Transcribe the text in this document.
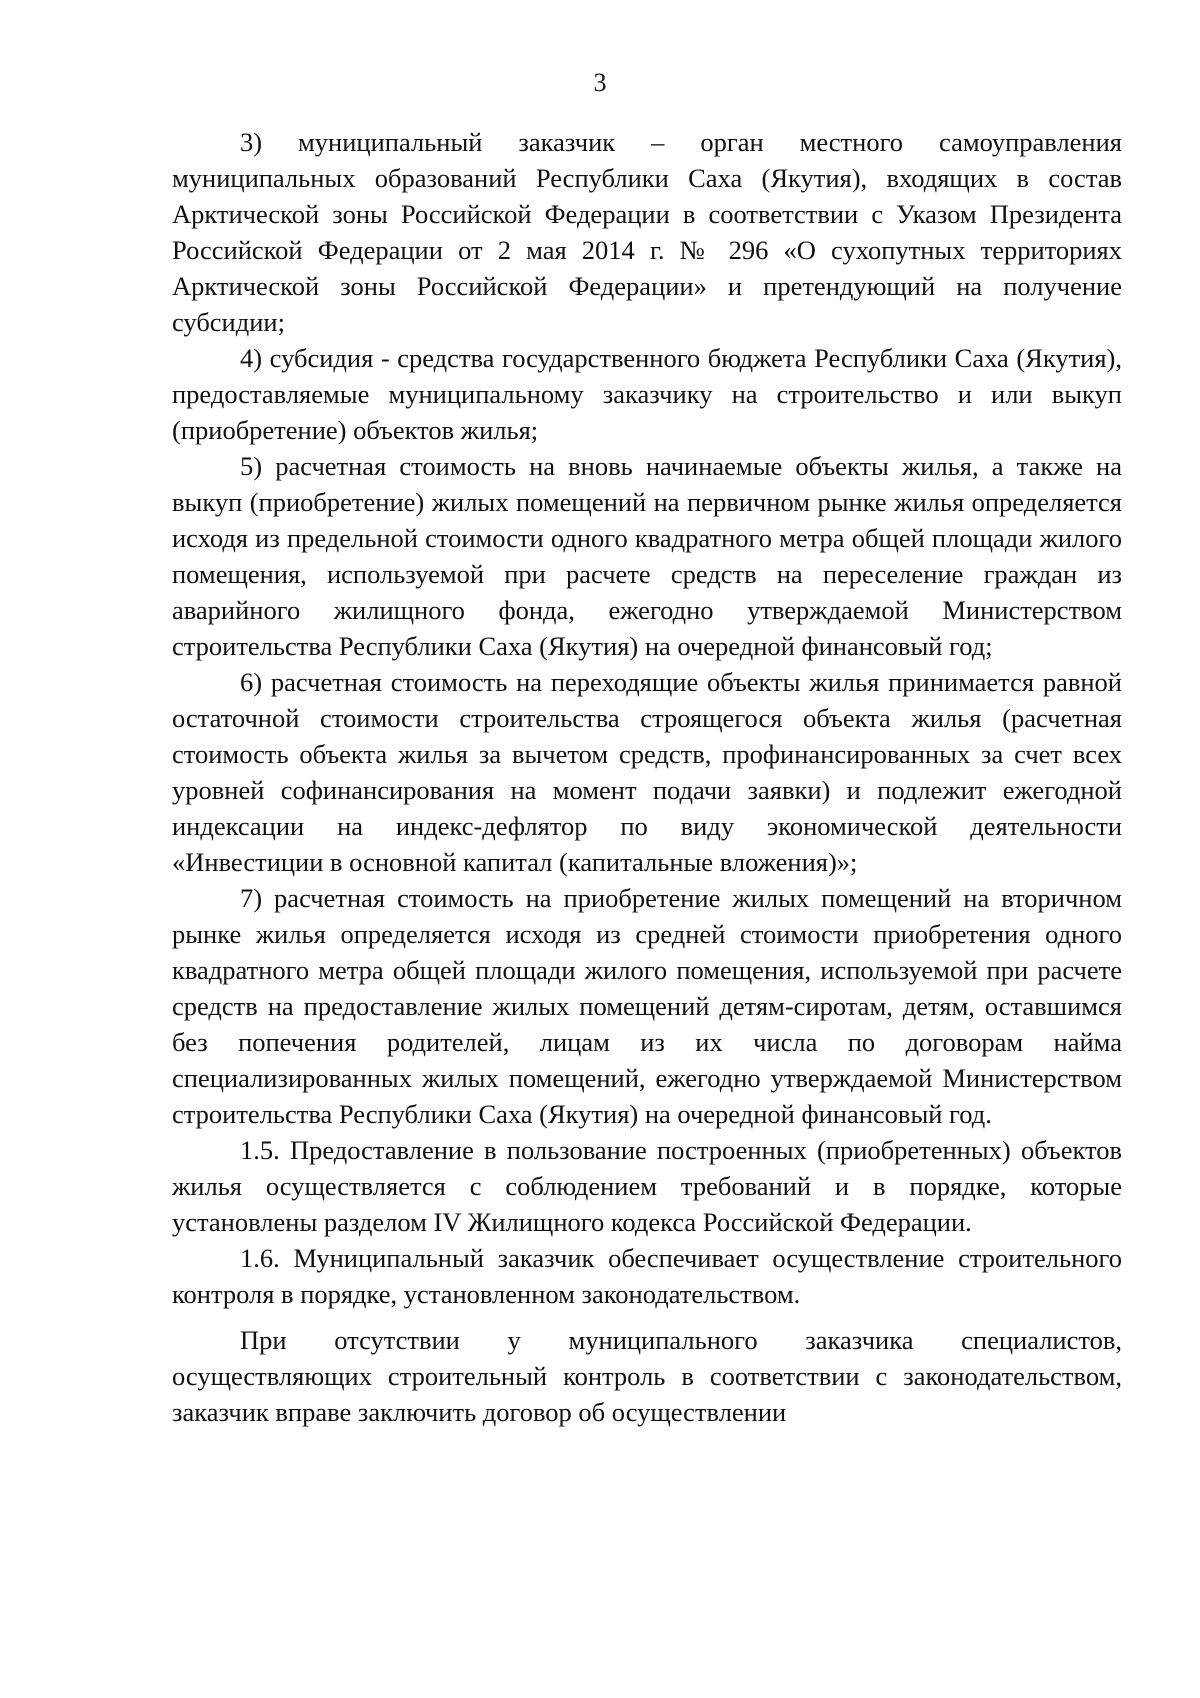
3

3) муниципальный заказчик – орган местного самоуправления муниципальных образований Республики Саха (Якутия), входящих в состав Арктической зоны Российской Федерации в соответствии с Указом Президента Российской Федерации от 2 мая 2014 г. № 296 «О сухопутных территориях Арктической зоны Российской Федерации» и претендующий на получение субсидии;

4) субсидия - средства государственного бюджета Республики Саха (Якутия), предоставляемые муниципальному заказчику на строительство и или выкуп (приобретение) объектов жилья;

5) расчетная стоимость на вновь начинаемые объекты жилья, а также на выкуп (приобретение) жилых помещений на первичном рынке жилья определяется исходя из предельной стоимости одного квадратного метра общей площади жилого помещения, используемой при расчете средств на переселение граждан из аварийного жилищного фонда, ежегодно утверждаемой Министерством строительства Республики Саха (Якутия) на очередной финансовый год;

6) расчетная стоимость на переходящие объекты жилья принимается равной остаточной стоимости строительства строящегося объекта жилья (расчетная стоимость объекта жилья за вычетом средств, профинансированных за счет всех уровней софинансирования на момент подачи заявки) и подлежит ежегодной индексации на индекс-дефлятор по виду экономической деятельности «Инвестиции в основной капитал (капитальные вложения)»;

7) расчетная стоимость на приобретение жилых помещений на вторичном рынке жилья определяется исходя из средней стоимости приобретения одного квадратного метра общей площади жилого помещения, используемой при расчете средств на предоставление жилых помещений детям-сиротам, детям, оставшимся без попечения родителей, лицам из их числа по договорам найма специализированных жилых помещений, ежегодно утверждаемой Министерством строительства Республики Саха (Якутия) на очередной финансовый год.

1.5. Предоставление в пользование построенных (приобретенных) объектов жилья осуществляется с соблюдением требований и в порядке, которые установлены разделом IV Жилищного кодекса Российской Федерации.

1.6. Муниципальный заказчик обеспечивает осуществление строительного контроля в порядке, установленном законодательством.

При отсутствии у муниципального заказчика специалистов, осуществляющих строительный контроль в соответствии с законодательством, заказчик вправе заключить договор об осуществлении
